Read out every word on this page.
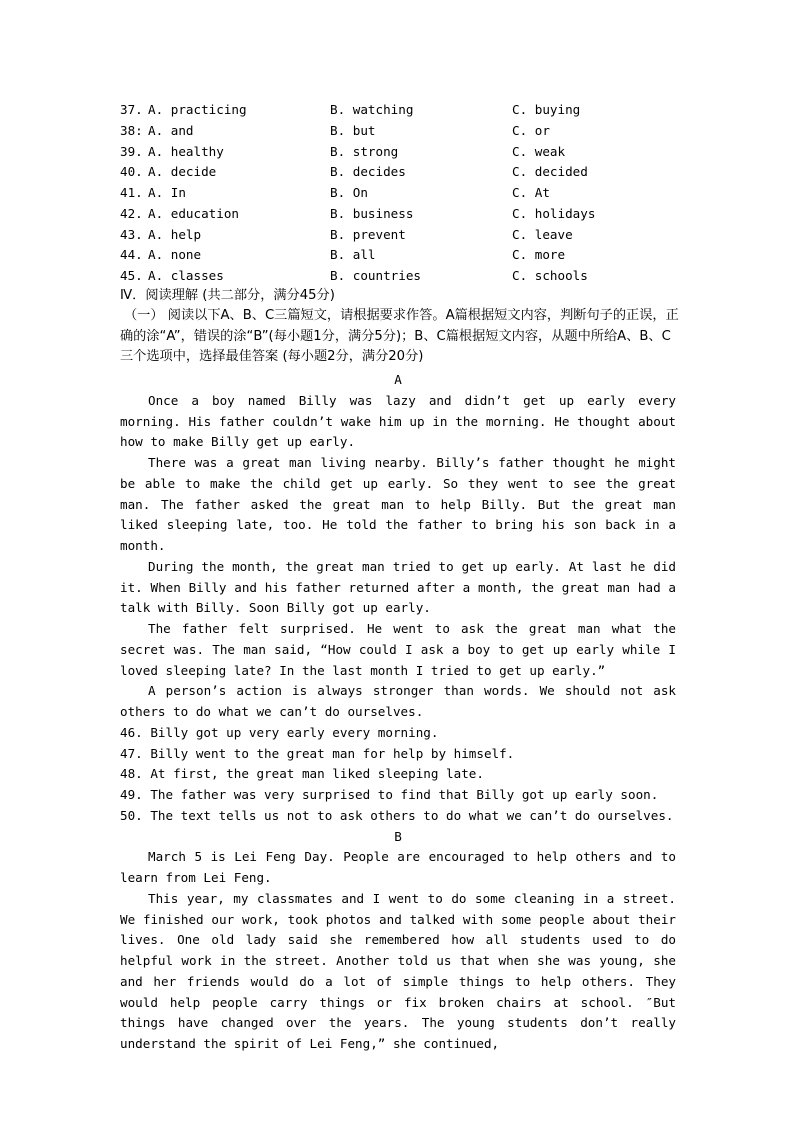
37. A. practicing	B. watching	C. buying
38: A. and	B. but	C. or
39. A. healthy	B. strong	C. weak
40. A. decide	B. decides	C. decided
41. A. In	B. On	C. At
42. A. education	B. business	C. holidays
43. A. help	B. prevent	C. leave
44. A. none	B. all	C. more
45. A. classes	B. countries	C. schools
Ⅳ．阅读理解 (共二部分，满分45分)
（一） 阅读以下A、B、C三篇短文，请根据要求作答。A篇根据短文内容，判断句子的正误，正确的涂“A”，错误的涂“B”(每小题1分，满分5分)；B、C篇根据短文内容，从题中所给A、B、C三个选项中，选择最佳答案 (每小题2分，满分20分)

A

Once a boy named Billy was lazy and didn’t get up early every morning. His father couldn’t wake him up in the morning. He thought about how to make Billy get up early.

There was a great man living nearby. Billy’s father thought he might be able to make the child get up early. So they went to see the great man. The father asked the great man to help Billy. But the great man liked sleeping late, too. He told the father to bring his son back in a month.

During the month, the great man tried to get up early. At last he did it. When Billy and his father returned after a month, the great man had a talk with Billy. Soon Billy got up early.

The father felt surprised. He went to ask the great man what the secret was. The man said, “How could I ask a boy to get up early while I loved sleeping late? In the last month I tried to get up early.”

A person’s action is always stronger than words. We should not ask others to do what we can’t do ourselves.

46. Billy got up very early every morning.

47. Billy went to the great man for help by himself.

48. At first, the great man liked sleeping late.

49. The father was very surprised to find that Billy got up early soon.

50. The text tells us not to ask others to do what we can’t do ourselves.

B

March 5 is Lei Feng Day. People are encouraged to help others and to learn from Lei Feng.

This year, my classmates and I went to do some cleaning in a street. We finished our work, took photos and talked with some people about their lives. One old lady said she remembered how all students used to do helpful work in the street. Another told us that when she was young, she and her friends would do a lot of simple things to help others. They would help people carry things or fix broken chairs at school. ″But things have changed over the years. The young students don’t really understand the spirit of Lei Feng,” she continued,
